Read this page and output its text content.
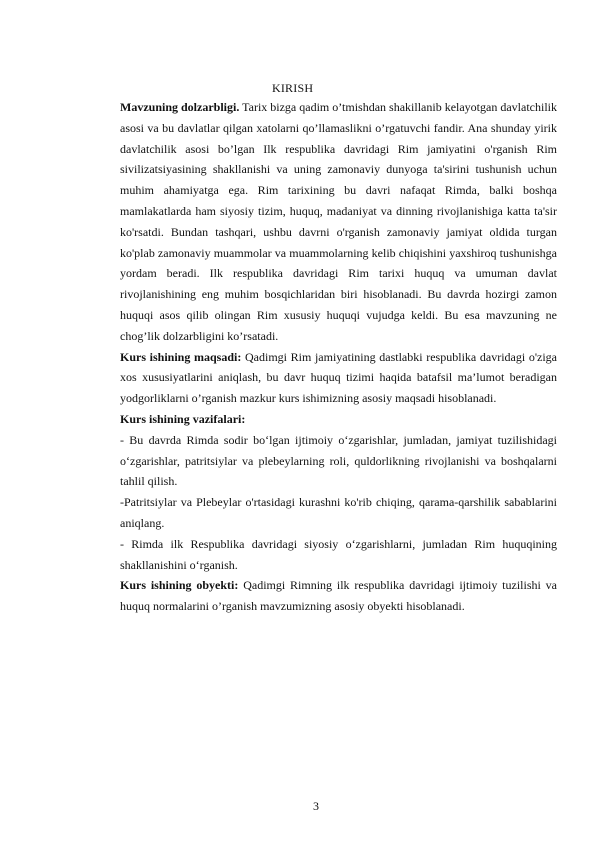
KIRISH

Mavzuning dolzarbligi. Tarix bizga qadim o’tmishdan shakillanib kelayotgan davlatchilik asosi va bu davlatlar qilgan xatolarni qo’llamaslikni o’rgatuvchi fandir. Ana shunday yirik davlatchilik asosi bo’lgan Ilk respublika davridagi Rim jamiyatini o'rganish Rim sivilizatsiyasining shakllanishi va uning zamonaviy dunyoga ta'sirini tushunish uchun muhim ahamiyatga ega. Rim tarixining bu davri nafaqat Rimda, balki boshqa mamlakatlarda ham siyosiy tizim, huquq, madaniyat va dinning rivojlanishiga katta ta'sir ko'rsatdi. Bundan tashqari, ushbu davrni o'rganish zamonaviy jamiyat oldida turgan ko'plab zamonaviy muammolar va muammolarning kelib chiqishini yaxshiroq tushunishga yordam beradi. Ilk respublika davridagi Rim tarixi huquq va umuman davlat rivojlanishining eng muhim bosqichlaridan biri hisoblanadi. Bu davrda hozirgi zamon huquqi asos qilib olingan Rim xususiy huquqi vujudga keldi. Bu esa mavzuning ne chog’lik dolzarbligini ko’rsatadi.

Kurs ishining maqsadi: Qadimgi Rim jamiyatining dastlabki respublika davridagi o'ziga xos xususiyatlarini aniqlash, bu davr huquq tizimi haqida batafsil ma’lumot beradigan yodgorliklarni o’rganish mazkur kurs ishimizning asosiy maqsadi hisoblanadi.

Kurs ishining vazifalari:

- Bu davrda Rimda sodir bo‘lgan ijtimoiy o‘zgarishlar, jumladan, jamiyat tuzilishidagi o‘zgarishlar, patritsiylar va plebeylarning roli, quldorlikning rivojlanishi va boshqalarni tahlil qilish.

-Patritsiylar va Plebeylar o'rtasidagi kurashni ko'rib chiqing, qarama-qarshilik sabablarini aniqlang.

- Rimda ilk Respublika davridagi siyosiy o‘zgarishlarni, jumladan Rim huquqining shakllanishini o‘rganish.

Kurs ishining obyekti: Qadimgi Rimning ilk respublika davridagi ijtimoiy tuzilishi va huquq normalarini o’rganish mavzumizning asosiy obyekti hisoblanadi.

3
